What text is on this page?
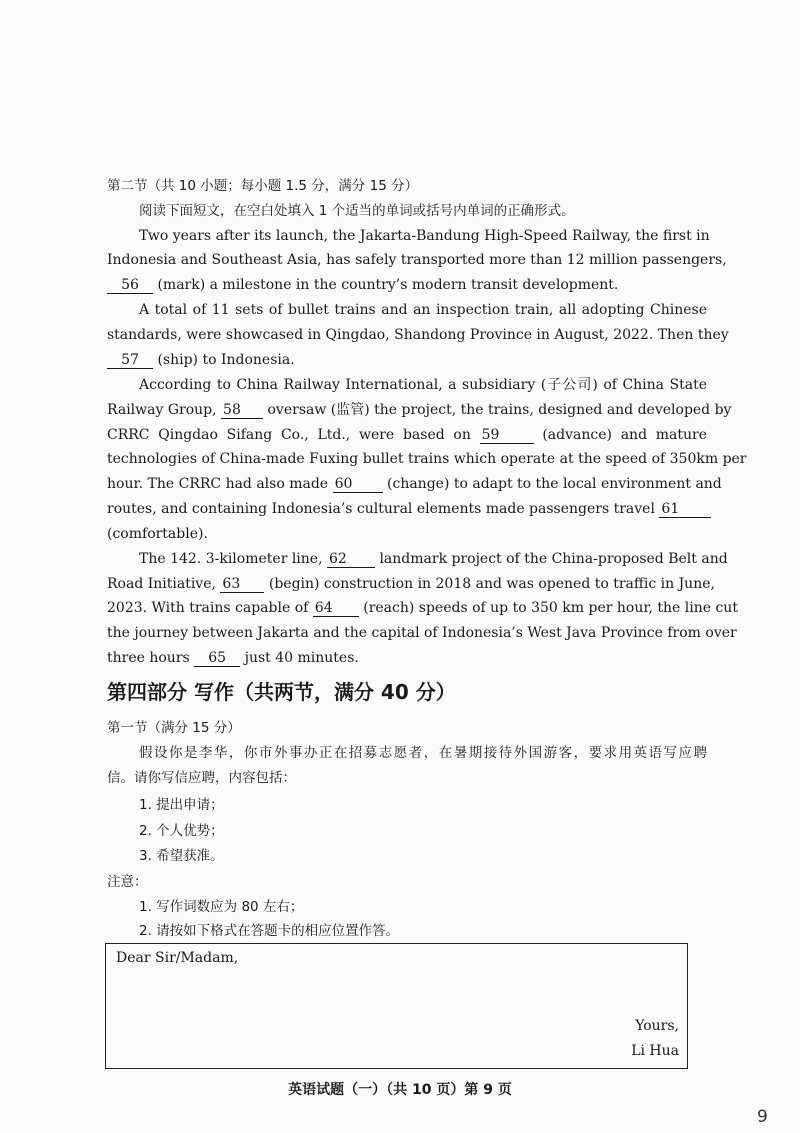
第二节（共 10 小题；每小题 1.5 分，满分 15 分）
阅读下面短文，在空白处填入 1 个适当的单词或括号内单词的正确形式。
Two years after its launch, the Jakarta-Bandung High-Speed Railway, the first in
Indonesia and Southeast Asia, has safely transported more than 12 million passengers,
56 (mark) a milestone in the country’s modern transit development.
A total of 11 sets of bullet trains and an inspection train, all adopting Chinese
standards, were showcased in Qingdao, Shandong Province in August, 2022. Then they
57 (ship) to Indonesia.
According to China Railway International, a subsidiary (子公司) of China State
Railway Group, 58 oversaw (监管) the project, the trains, designed and developed by
CRRC Qingdao Sifang Co., Ltd., were based on 59	(advance) and mature
technologies of China-made Fuxing bullet trains which operate at the speed of 350km per
hour. The CRRC had also made 60 (change) to adapt to the local environment and
routes, and containing Indonesia’s cultural elements made passengers travel 61
(comfortable).
The 142. 3-kilometer line, 62 landmark project of the China-proposed Belt and
Road Initiative, 63 (begin) construction in 2018 and was opened to traffic in June,
2023. With trains capable of 64 (reach) speeds of up to 350 km per hour, the line cut
the journey between Jakarta and the capital of Indonesia’s West Java Province from over
three hours 65 just 40 minutes.
第四部分 写作（共两节，满分 40 分）
第一节（满分 15 分）
假设你是李华，你市外事办正在招募志愿者，在暑期接待外国游客，要求用英语写应聘
信。请你写信应聘，内容包括：
1. 提出申请；
2. 个人优势；
3. 希望获准。
注意：
1. 写作词数应为 80 左右；
2. 请按如下格式在答题卡的相应位置作答。
Dear Sir/Madam,
Yours,
Li Hua
英语试题（一）（共 10 页）第 9 页
9
